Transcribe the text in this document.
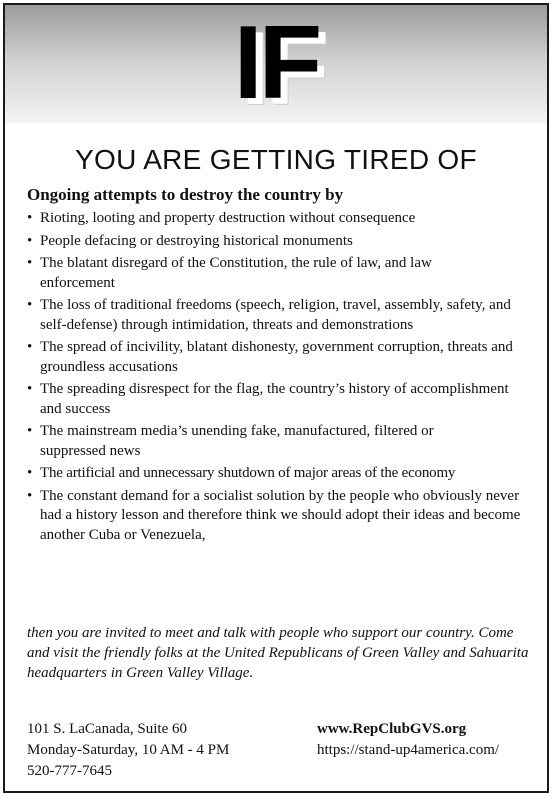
IF
YOU ARE GETTING TIRED OF
Ongoing attempts to destroy the country by
• Rioting, looting and property destruction without consequence
• People defacing or destroying historical monuments
• The blatant disregard of the Constitution, the rule of law, and law enforcement
• The loss of traditional freedoms (speech, religion, travel, assembly, safety, and self-defense) through intimidation, threats and demonstrations
• The spread of incivility, blatant dishonesty, government corruption, threats and groundless accusations
• The spreading disrespect for the flag, the country’s history of accomplishment and success
• The mainstream media’s unending fake, manufactured, filtered or suppressed news
• The artificial and unnecessary shutdown of major areas of the economy
• The constant demand for a socialist solution by the people who obviously never had a history lesson and therefore think we should adopt their ideas and become another Cuba or Venezuela,
then you are invited to meet and talk with people who support our country. Come and visit the friendly folks at the United Republicans of Green Valley and Sahuarita headquarters in Green Valley Village.
101 S. LaCanada, Suite 60
Monday-Saturday, 10 AM - 4 PM
520-777-7645
www.RepClubGVS.org
https://stand-up4america.com/
